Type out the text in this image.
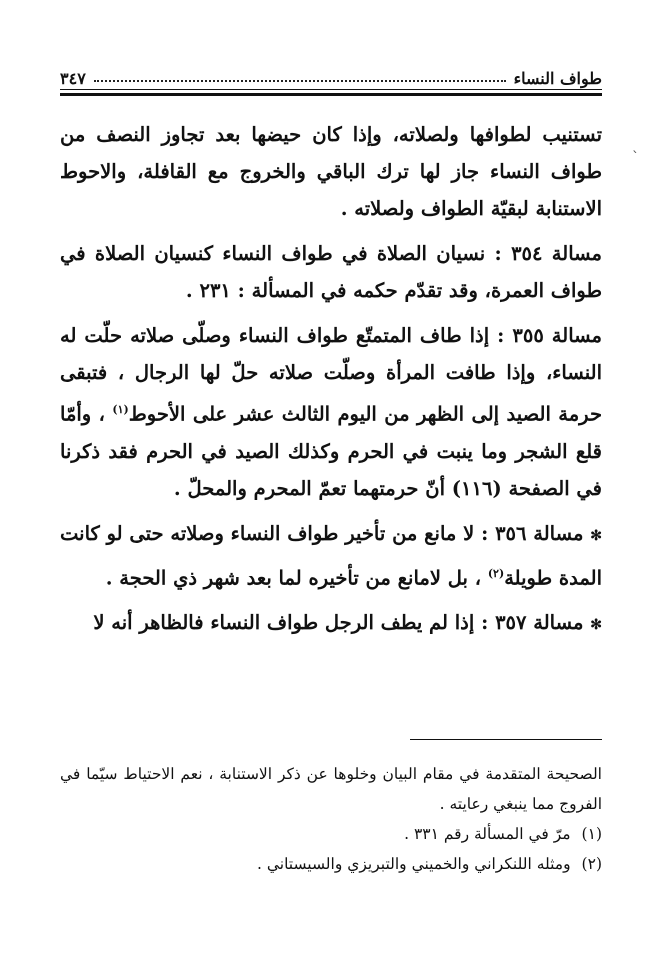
طواف النساء
٣٤٧
`

تستنيب لطوافها ولصلاته، وإذا كان حيضها بعد تجاوز النصف من طواف النساء جاز لها ترك الباقي والخروج مع القافلة، والاحوط الاستنابة لبقيّة الطواف ولصلاته .

مسالة ٣٥٤ : نسيان الصلاة في طواف النساء كنسيان الصلاة في طواف العمرة، وقد تقدّم حكمه في المسألة : ٢٣١ .

مسالة ٣٥٥ : إذا طاف المتمتّع طواف النساء وصلّى صلاته حلّت له النساء، وإذا طافت المرأة وصلّت صلاته حلّ لها الرجال ، فتبقى حرمة الصيد إلى الظهر من اليوم الثالث عشر على الأحوط$^{(١)}$ ، وأمّا قلع الشجر وما ينبت في الحرم وكذلك الصيد في الحرم فقد ذكرنا في الصفحة (١١٦) أنّ حرمتهما تعمّ المحرم والمحلّ .

✻ مسالة ٣٥٦ : لا مانع من تأخير طواف النساء وصلاته حتى لو كانت المدة طويلة$^{(٢)}$ ، بل لامانع من تأخيره لما بعد شهر ذي الحجة .

✻ مسالة ٣٥٧ : إذا لم يطف الرجل طواف النساء فالظاهر أنه لا

الصحيحة المتقدمة في مقام البيان وخلوها عن ذكر الاستنابة ، نعم الاحتياط سيّما في الفروج مما ينبغي رعايته .

(١) مرّ في المسألة رقم ٣٣١ .

(٢) ومثله اللنكراني والخميني والتبريزي والسيستاني .
